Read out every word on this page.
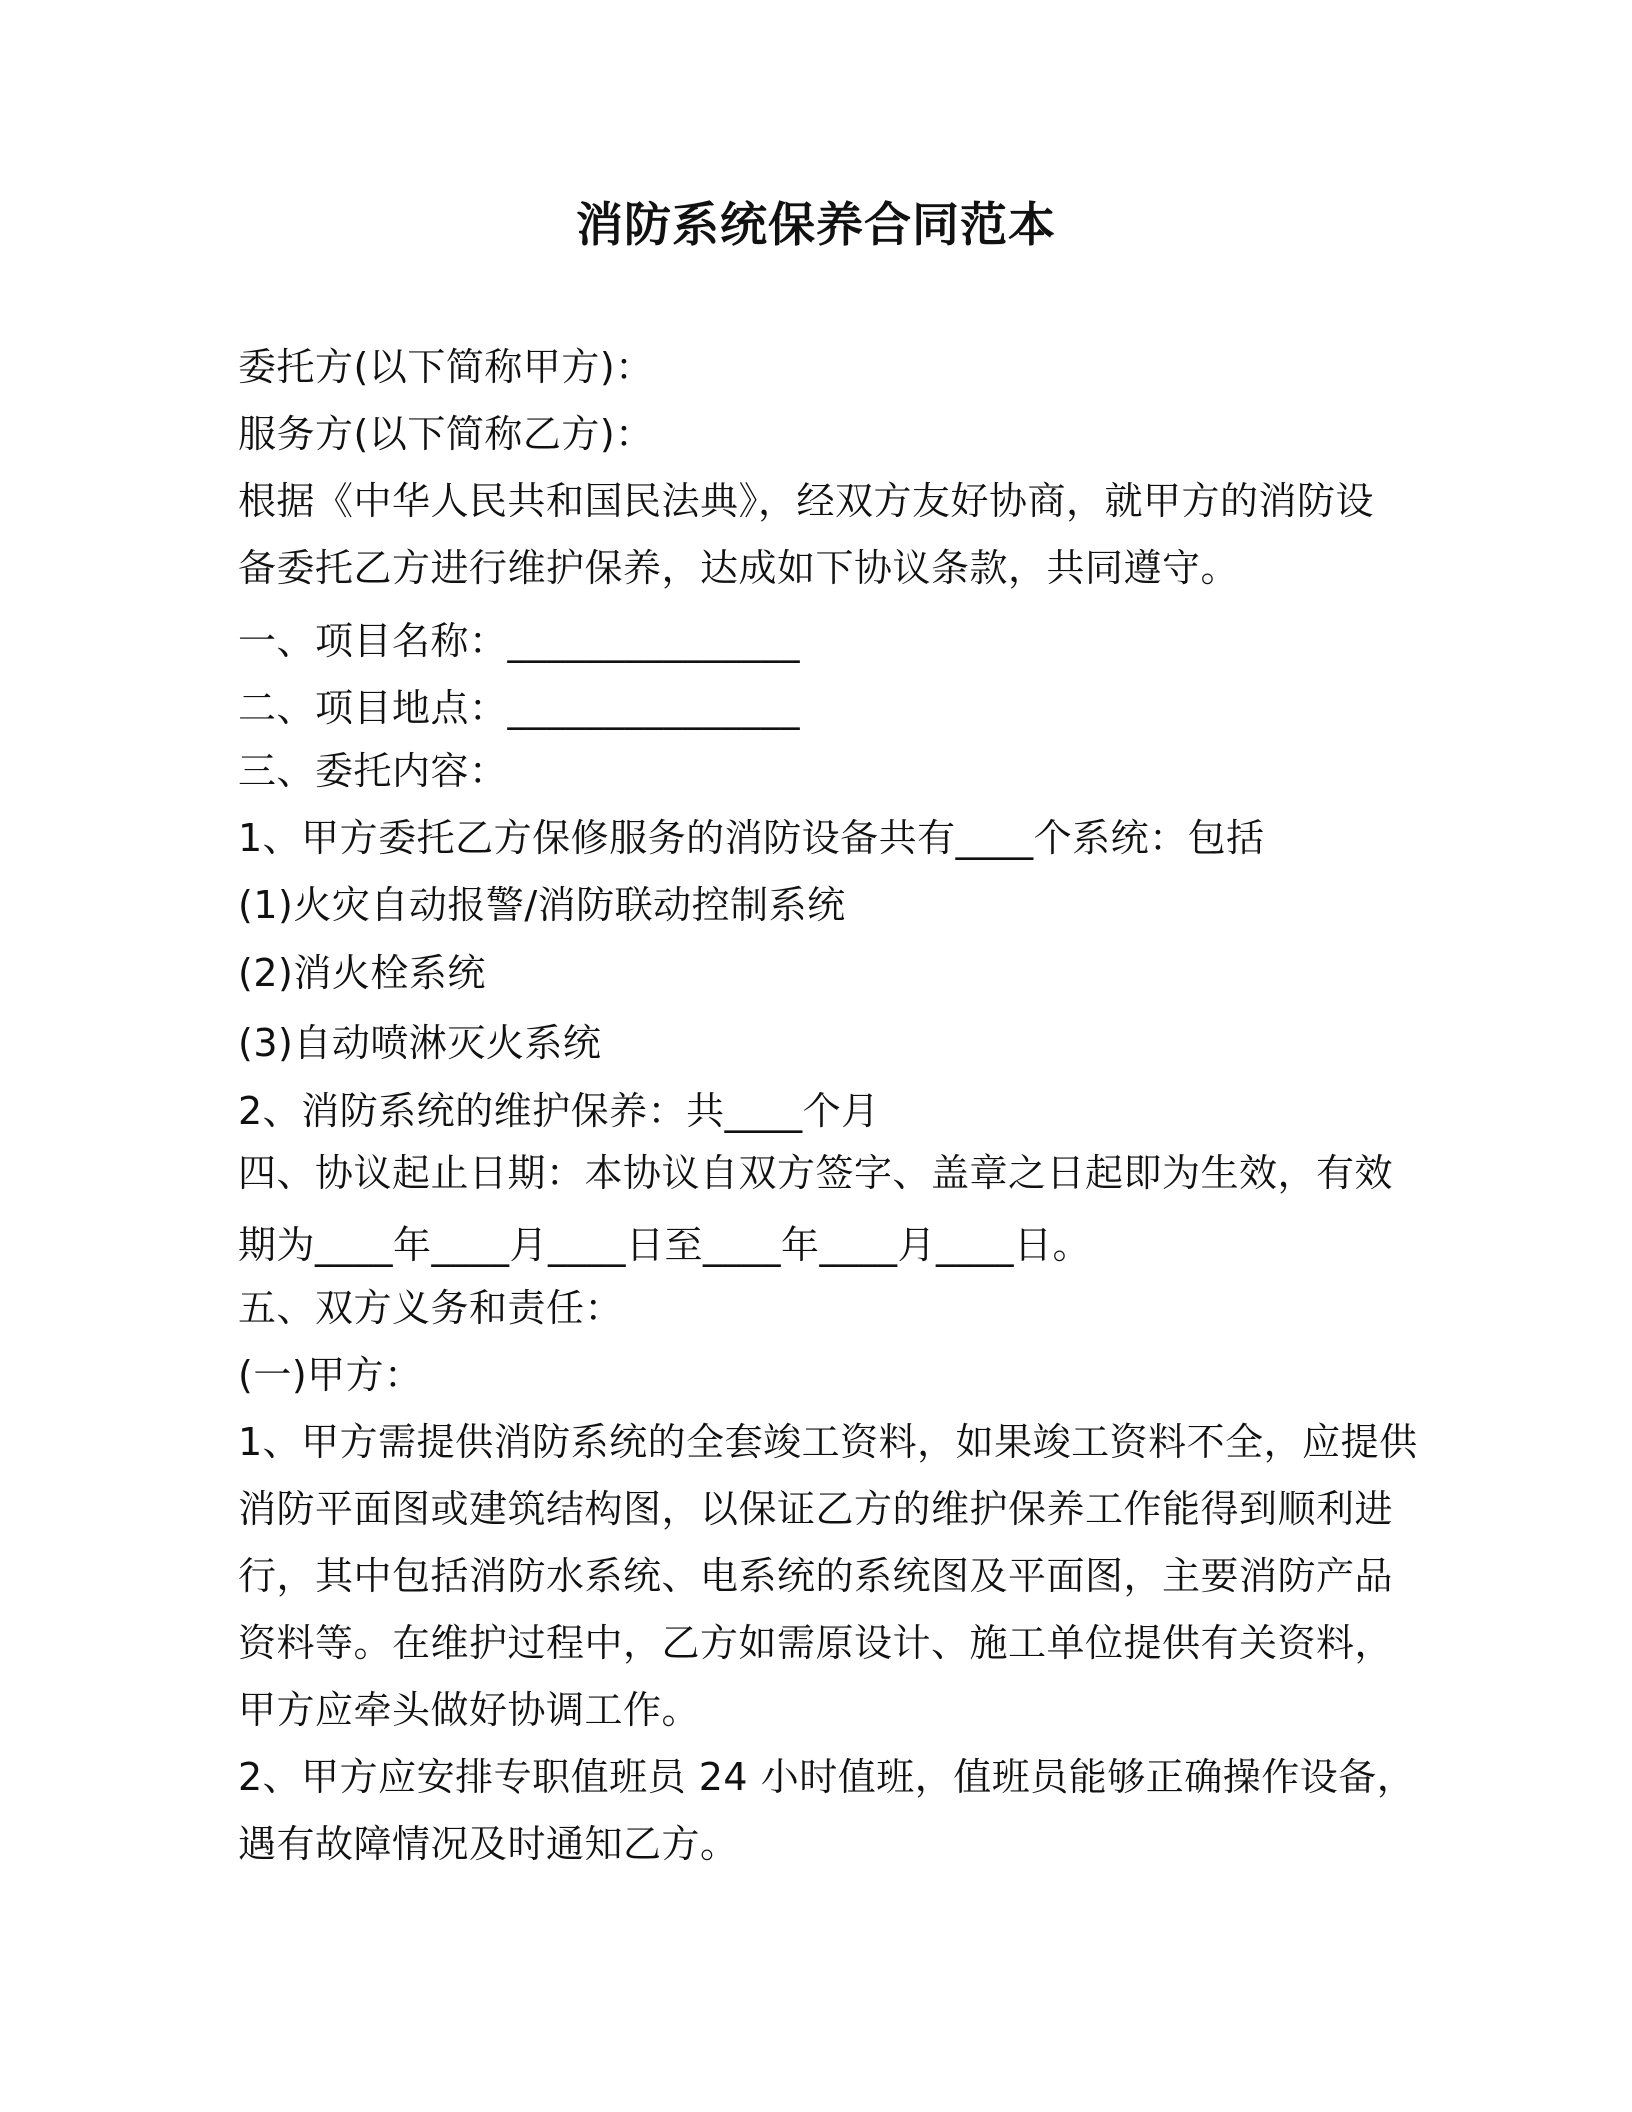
消防系统保养合同范本
委托方(以下简称甲方)：
服务方(以下简称乙方)：
根据《中华人民共和国民法典》，经双方友好协商，就甲方的消防设
备委托乙方进行维护保养，达成如下协议条款，共同遵守。
一、项目名称：_______________
二、项目地点：_______________
三、委托内容：
1、甲方委托乙方保修服务的消防设备共有____个系统：包括
(1)火灾自动报警/消防联动控制系统
(2)消火栓系统
(3)自动喷淋灭火系统
2、消防系统的维护保养：共____个月
四、协议起止日期：本协议自双方签字、盖章之日起即为生效，有效
期为____年____月____日至____年____月____日。
五、双方义务和责任：
(一)甲方：
1、甲方需提供消防系统的全套竣工资料，如果竣工资料不全，应提供
消防平面图或建筑结构图，以保证乙方的维护保养工作能得到顺利进
行，其中包括消防水系统、电系统的系统图及平面图，主要消防产品
资料等。在维护过程中，乙方如需原设计、施工单位提供有关资料，
甲方应牵头做好协调工作。
2、甲方应安排专职值班员 24 小时值班，值班员能够正确操作设备，
遇有故障情况及时通知乙方。
